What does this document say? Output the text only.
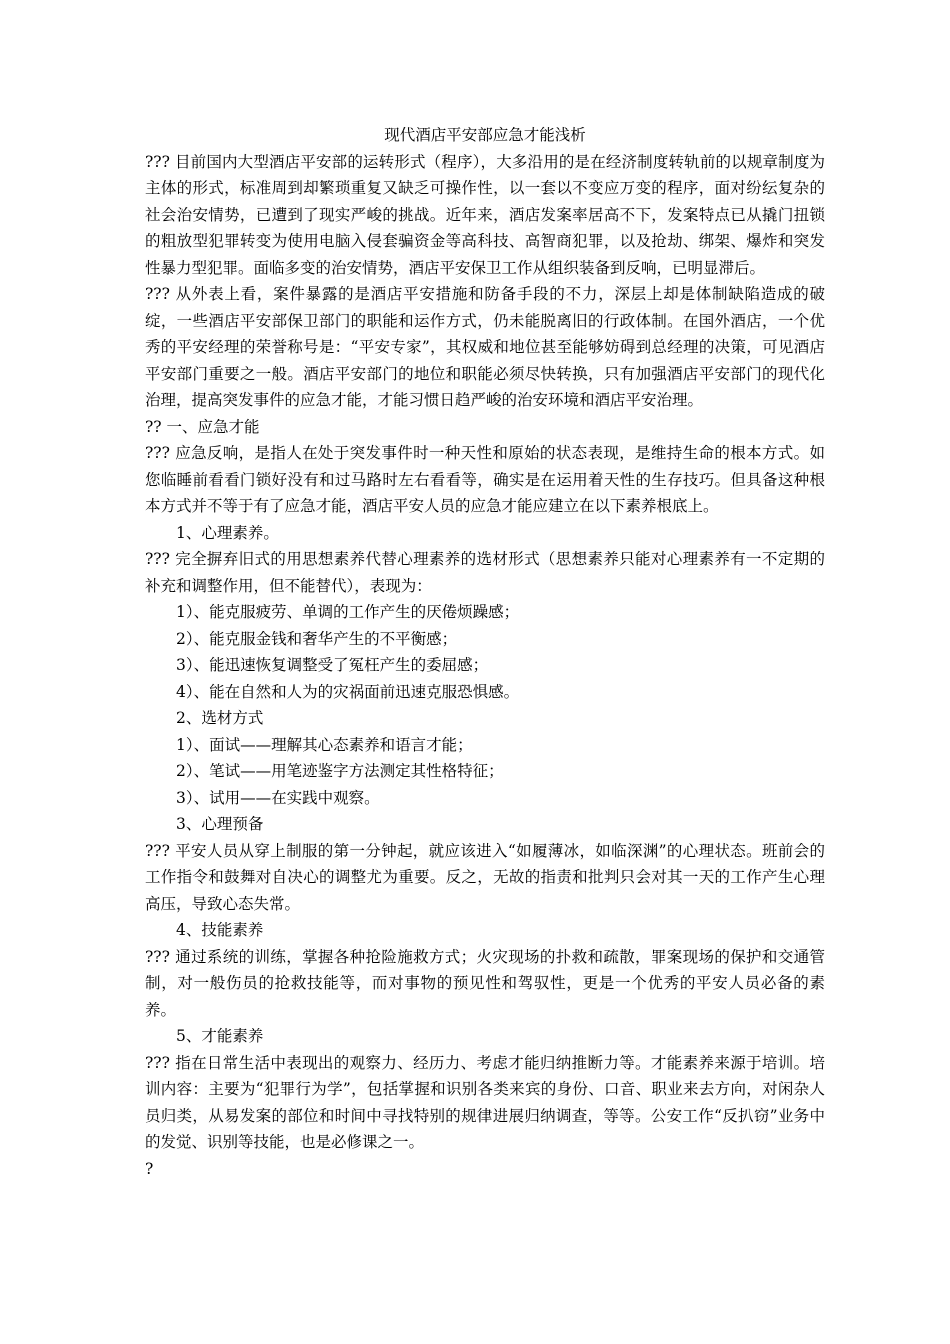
现代酒店平安部应急才能浅析
??? 目前国内大型酒店平安部的运转形式（程序），大多沿用的是在经济制度转轨前的以规章制度为主体的形式，标准周到却繁琐重复又缺乏可操作性，以一套以不变应万变的程序，面对纷纭复杂的社会治安情势，已遭到了现实严峻的挑战。近年来，酒店发案率居高不下，发案特点已从撬门扭锁的粗放型犯罪转变为使用电脑入侵套骗资金等高科技、高智商犯罪，以及抢劫、绑架、爆炸和突发性暴力型犯罪。面临多变的治安情势，酒店平安保卫工作从组织装备到反响，已明显滞后。
??? 从外表上看，案件暴露的是酒店平安措施和防备手段的不力，深层上却是体制缺陷造成的破绽，一些酒店平安部保卫部门的职能和运作方式，仍未能脱离旧的行政体制。在国外酒店，一个优秀的平安经理的荣誉称号是：“平安专家”，其权威和地位甚至能够妨碍到总经理的决策，可见酒店平安部门重要之一般。酒店平安部门的地位和职能必须尽快转换，只有加强酒店平安部门的现代化治理，提高突发事件的应急才能，才能习惯日趋严峻的治安环境和酒店平安治理。
?? 一、应急才能
??? 应急反响，是指人在处于突发事件时一种天性和原始的状态表现，是维持生命的根本方式。如您临睡前看看门锁好没有和过马路时左右看看等，确实是在运用着天性的生存技巧。但具备这种根本方式并不等于有了应急才能，酒店平安人员的应急才能应建立在以下素养根底上。
1、心理素养。
??? 完全摒弃旧式的用思想素养代替心理素养的选材形式（思想素养只能对心理素养有一不定期的补充和调整作用，但不能替代），表现为：
1）、能克服疲劳、单调的工作产生的厌倦烦躁感；
2）、能克服金钱和奢华产生的不平衡感；
3）、能迅速恢复调整受了冤枉产生的委屈感；
4）、能在自然和人为的灾祸面前迅速克服恐惧感。
2、选材方式
1）、面试——理解其心态素养和语言才能；
2）、笔试——用笔迹鉴字方法测定其性格特征；
3）、试用——在实践中观察。
3、心理预备
??? 平安人员从穿上制服的第一分钟起，就应该进入“如履薄冰，如临深渊”的心理状态。班前会的工作指令和鼓舞对自决心的调整尤为重要。反之，无故的指责和批判只会对其一天的工作产生心理高压，导致心态失常。
4、技能素养
??? 通过系统的训练，掌握各种抢险施救方式；火灾现场的扑救和疏散，罪案现场的保护和交通管制，对一般伤员的抢救技能等，而对事物的预见性和驾驭性，更是一个优秀的平安人员必备的素养。
5、才能素养
??? 指在日常生活中表现出的观察力、经历力、考虑才能归纳推断力等。才能素养来源于培训。培训内容：主要为“犯罪行为学”，包括掌握和识别各类来宾的身份、口音、职业来去方向，对闲杂人员归类，从易发案的部位和时间中寻找特别的规律进展归纳调查，等等。公安工作“反扒窃”业务中的发觉、识别等技能，也是必修课之一。
?
